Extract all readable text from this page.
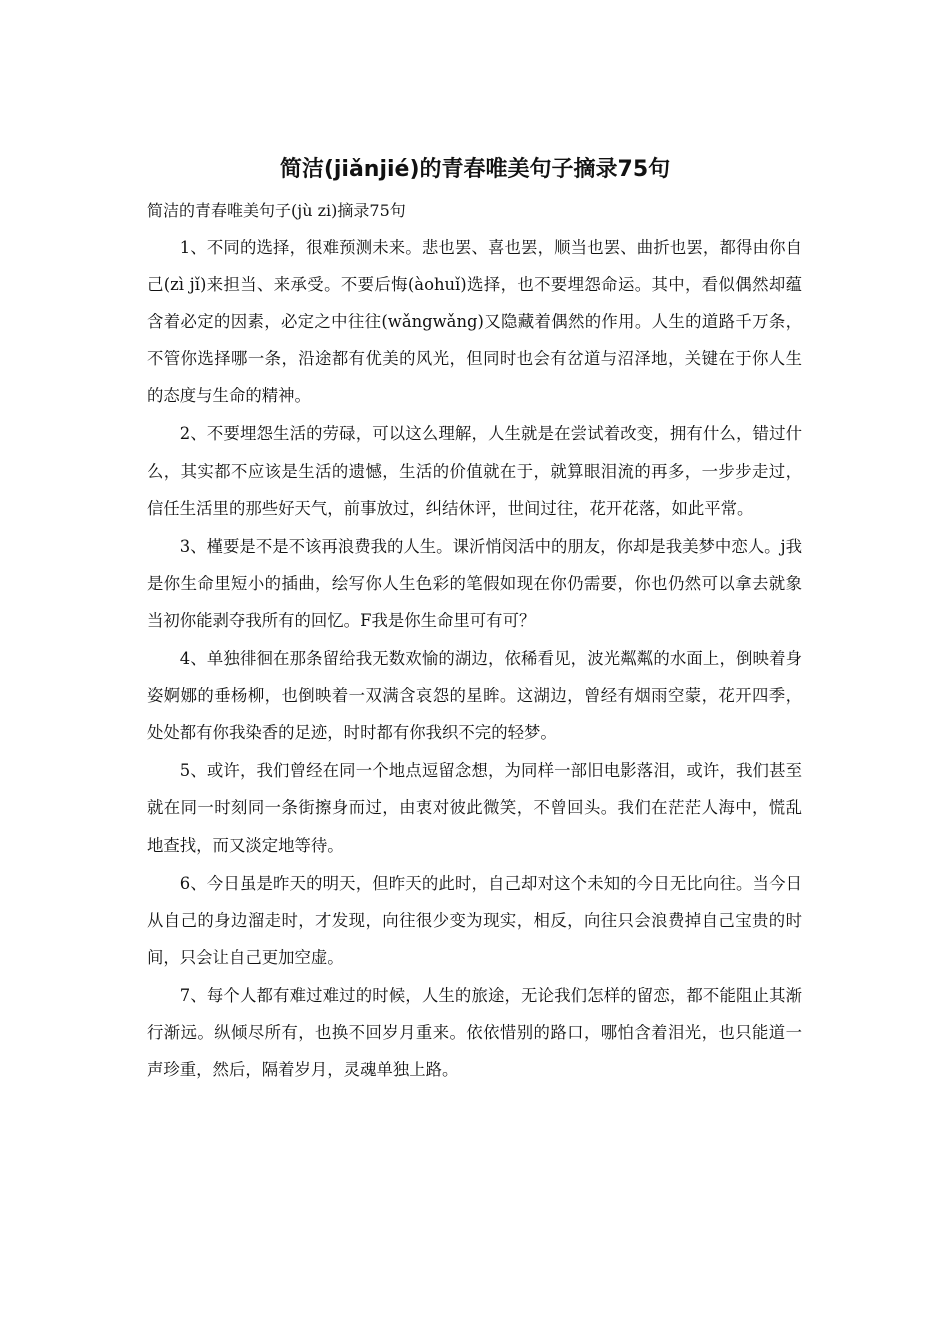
简洁(jiǎnjié)的青春唯美句子摘录75句
简洁的青春唯美句子(jù zi)摘录75句

1、不同的选择，很难预测未来。悲也罢、喜也罢，顺当也罢、曲折也罢，都得由你自己(zì jǐ)来担当、来承受。不要后悔(àohuǐ)选择，也不要埋怨命运。其中，看似偶然却蕴含着必定的因素，必定之中往往(wǎngwǎng)又隐藏着偶然的作用。人生的道路千万条，不管你选择哪一条，沿途都有优美的风光，但同时也会有岔道与沼泽地，关键在于你人生的态度与生命的精神。

2、不要埋怨生活的劳碌，可以这么理解，人生就是在尝试着改变，拥有什么，错过什么，其实都不应该是生活的遗憾，生活的价值就在于，就算眼泪流的再多，一步步走过，信任生活里的那些好天气，前事放过，纠结休评，世间过往，花开花落，如此平常。

3、槿要是不是不该再浪费我的人生。课沂悄闵活中的朋友，你却是我美梦中恋人。j我是你生命里短小的插曲，绘写你人生色彩的笔假如现在你仍需要，你也仍然可以拿去就象当初你能剥夺我所有的回忆。F我是你生命里可有可？

4、单独徘徊在那条留给我无数欢愉的湖边，依稀看见，波光粼粼的水面上，倒映着身姿婀娜的垂杨柳，也倒映着一双满含哀怨的星眸。这湖边，曾经有烟雨空蒙，花开四季，处处都有你我染香的足迹，时时都有你我织不完的轻梦。

5、或许，我们曾经在同一个地点逗留念想，为同样一部旧电影落泪，或许，我们甚至就在同一时刻同一条街擦身而过，由衷对彼此微笑，不曾回头。我们在茫茫人海中，慌乱地查找，而又淡定地等待。

6、今日虽是昨天的明天，但昨天的此时，自己却对这个未知的今日无比向往。当今日从自己的身边溜走时，才发现，向往很少变为现实，相反，向往只会浪费掉自己宝贵的时间，只会让自己更加空虚。

7、每个人都有难过难过的时候，人生的旅途，无论我们怎样的留恋，都不能阻止其渐行渐远。纵倾尽所有，也换不回岁月重来。依依惜别的路口，哪怕含着泪光，也只能道一声珍重，然后，隔着岁月，灵魂单独上路。
